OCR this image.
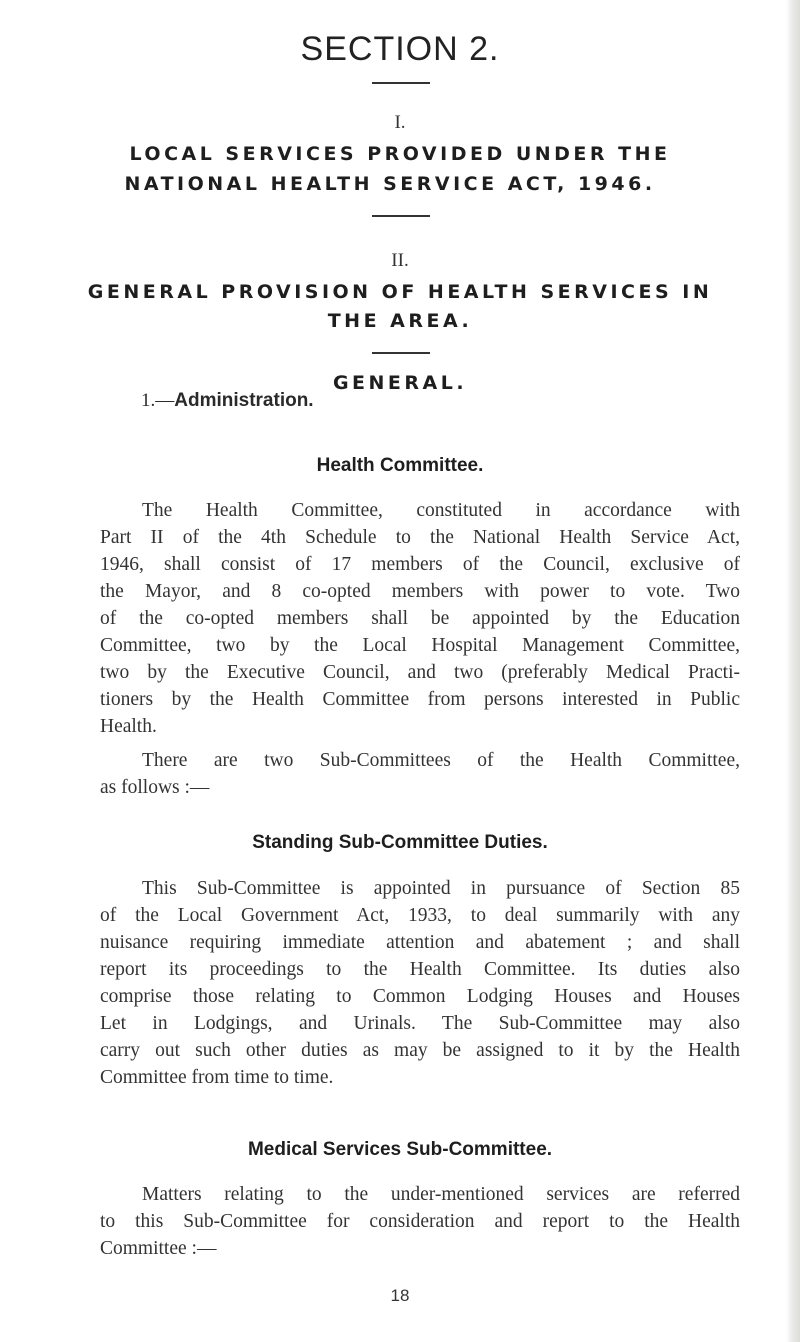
SECTION 2.
I.
LOCAL SERVICES PROVIDED UNDER THE
NATIONAL HEALTH SERVICE ACT, 1946.
II.
GENERAL PROVISION OF HEALTH SERVICES IN
THE AREA.
GENERAL.
1.—Administration.
Health Committee.
The Health Committee, constituted in accordance with
Part II of the 4th Schedule to the National Health Service Act,
1946, shall consist of 17 members of the Council, exclusive of
the Mayor, and 8 co-opted members with power to vote. Two
of the co-opted members shall be appointed by the Education
Committee, two by the Local Hospital Management Committee,
two by the Executive Council, and two (preferably Medical Practi-
tioners by the Health Committee from persons interested in Public
Health.
There are two Sub-Committees of the Health Committee,
as follows :—
Standing Sub-Committee Duties.
This Sub-Committee is appointed in pursuance of Section 85
of the Local Government Act, 1933, to deal summarily with any
nuisance requiring immediate attention and abatement ; and shall
report its proceedings to the Health Committee. Its duties also
comprise those relating to Common Lodging Houses and Houses
Let in Lodgings, and Urinals. The Sub-Committee may also
carry out such other duties as may be assigned to it by the Health
Committee from time to time.
Medical Services Sub-Committee.
Matters relating to the under-mentioned services are referred
to this Sub-Committee for consideration and report to the Health
Committee :—
18
